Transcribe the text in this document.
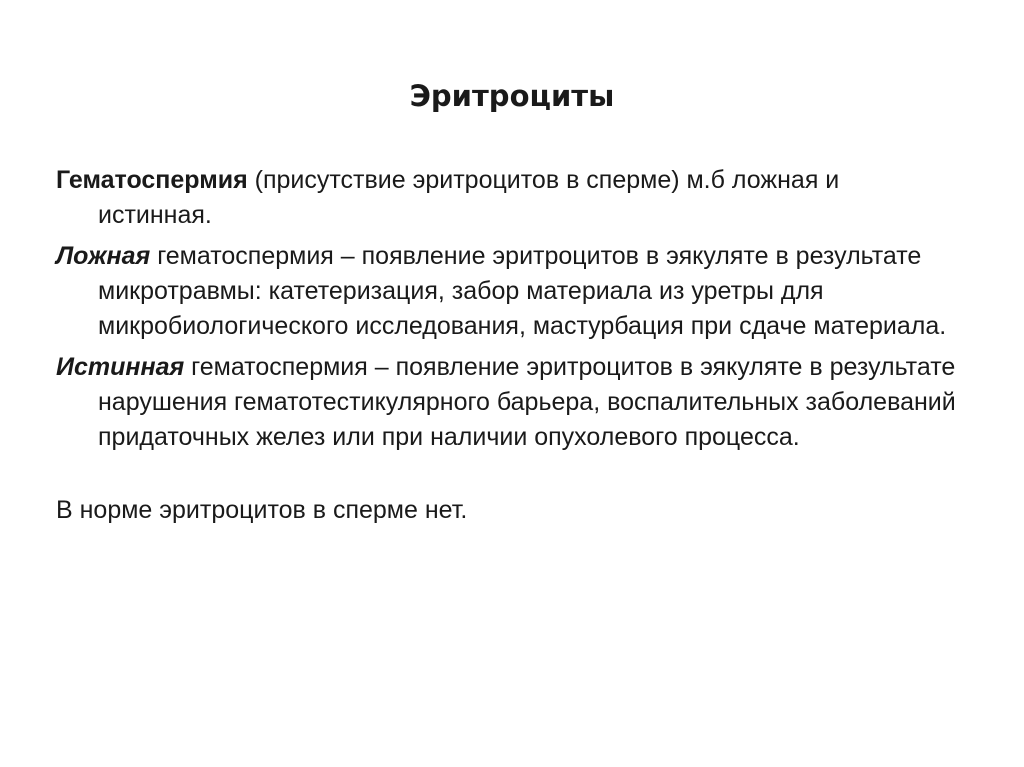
Эритроциты

Гематоспермия (присутствие эритроцитов в сперме) м.б ложная и истинная.

Ложная гематоспермия – появление эритроцитов в эякуляте в результате микротравмы: катетеризация, забор материала из уретры для микробиологического исследования, мастурбация при сдаче материала.

Истинная гематоспермия – появление эритроцитов в эякуляте в результате нарушения гематотестикулярного барьера, воспалительных заболеваний придаточных желез или при наличии опухолевого процесса.

В норме эритроцитов в сперме нет.
